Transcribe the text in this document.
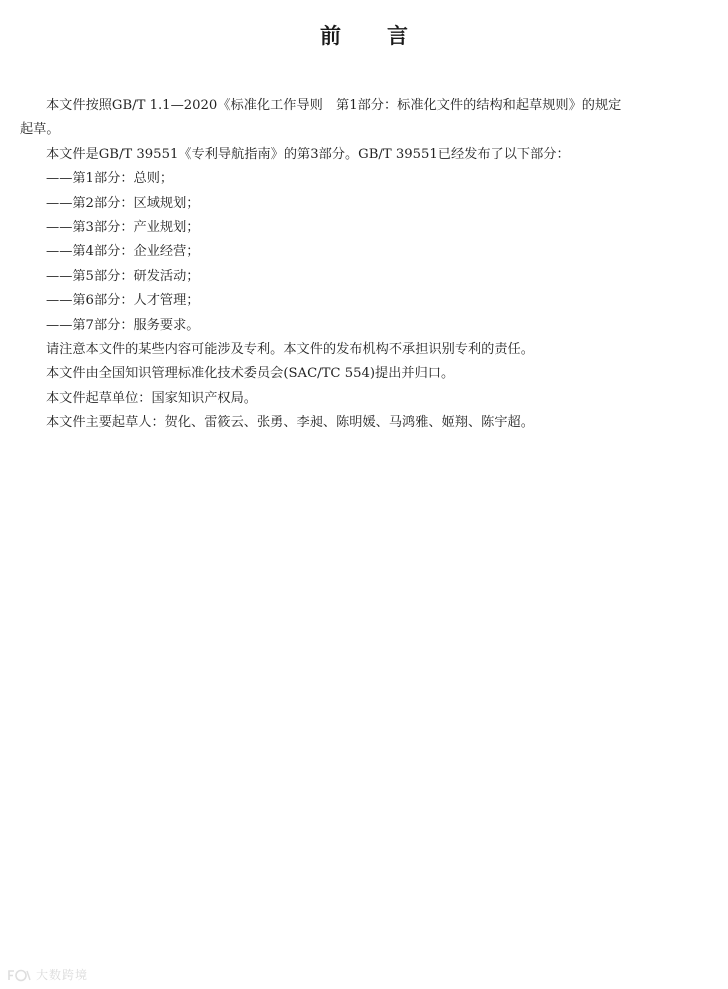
前言

本文件按照GB/T 1.1—2020《标准化工作导则　第1部分：标准化文件的结构和起草规则》的规定

起草。

本文件是GB/T 39551《专利导航指南》的第3部分。GB/T 39551已经发布了以下部分：

——第1部分：总则；

——第2部分：区域规划；

——第3部分：产业规划；

——第4部分：企业经营；

——第5部分：研发活动；

——第6部分：人才管理；

——第7部分：服务要求。

请注意本文件的某些内容可能涉及专利。本文件的发布机构不承担识别专利的责任。

本文件由全国知识管理标准化技术委员会(SAC/TC 554)提出并归口。

本文件起草单位：国家知识产权局。

本文件主要起草人：贺化、雷筱云、张勇、李昶、陈明媛、马鸿雅、姬翔、陈宇超。

大数跨境
